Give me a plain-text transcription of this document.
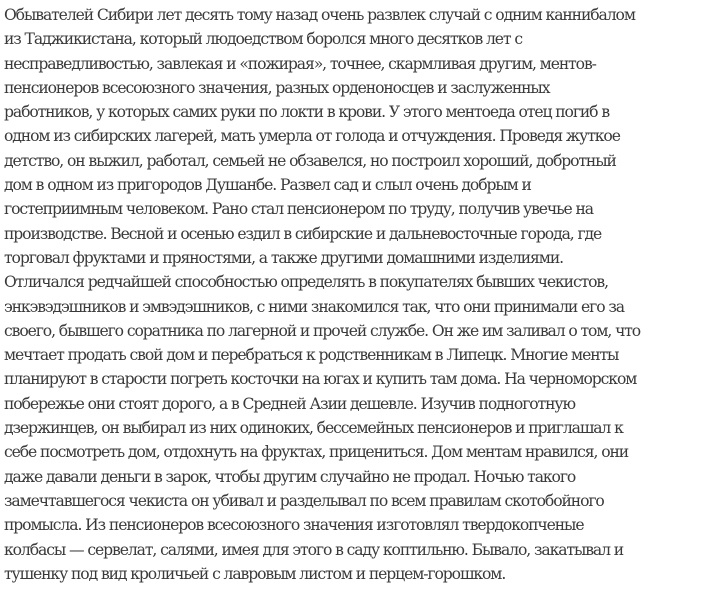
Обывателей Сибири лет десять тому назад очень развлек случай с одним каннибалом
из Таджикистана, который людоедством боролся много десятков лет с
несправедливостью, завлекая и «пожирая», точнее, скармливая другим, ментов-
пенсионеров всесоюзного значения, разных орденоносцев и заслуженных
работников, у которых самих руки по локти в крови. У этого ментоеда отец погиб в
одном из сибирских лагерей, мать умерла от голода и отчуждения. Проведя жуткое
детство, он выжил, работал, семьей не обзавелся, но построил хороший, добротный
дом в одном из пригородов Душанбе. Развел сад и слыл очень добрым и
гостеприимным человеком. Рано стал пенсионером по труду, получив увечье на
производстве. Весной и осенью ездил в сибирские и дальневосточные города, где
торговал фруктами и пряностями, а также другими домашними изделиями.
Отличался редчайшей способностью определять в покупателях бывших чекистов,
энкэвэдэшников и эмвэдэшников, с ними знакомился так, что они принимали его за
своего, бывшего соратника по лагерной и прочей службе. Он же им заливал о том, что
мечтает продать свой дом и перебраться к родственникам в Липецк. Многие менты
планируют в старости погреть косточки на югах и купить там дома. На черноморском
побережье они стоят дорого, а в Средней Азии дешевле. Изучив подноготную
дзержинцев, он выбирал из них одиноких, бессемейных пенсионеров и приглашал к
себе посмотреть дом, отдохнуть на фруктах, прицениться. Дом ментам нравился, они
даже давали деньги в зарок, чтобы другим случайно не продал. Ночью такого
замечтавшегося чекиста он убивал и разделывал по всем правилам скотобойного
промысла. Из пенсионеров всесоюзного значения изготовлял твердокопченые
колбасы — сервелат, салями, имея для этого в саду коптильню. Бывало, закатывал и
тушенку под вид кроличьей с лавровым листом и перцем-горошком.
